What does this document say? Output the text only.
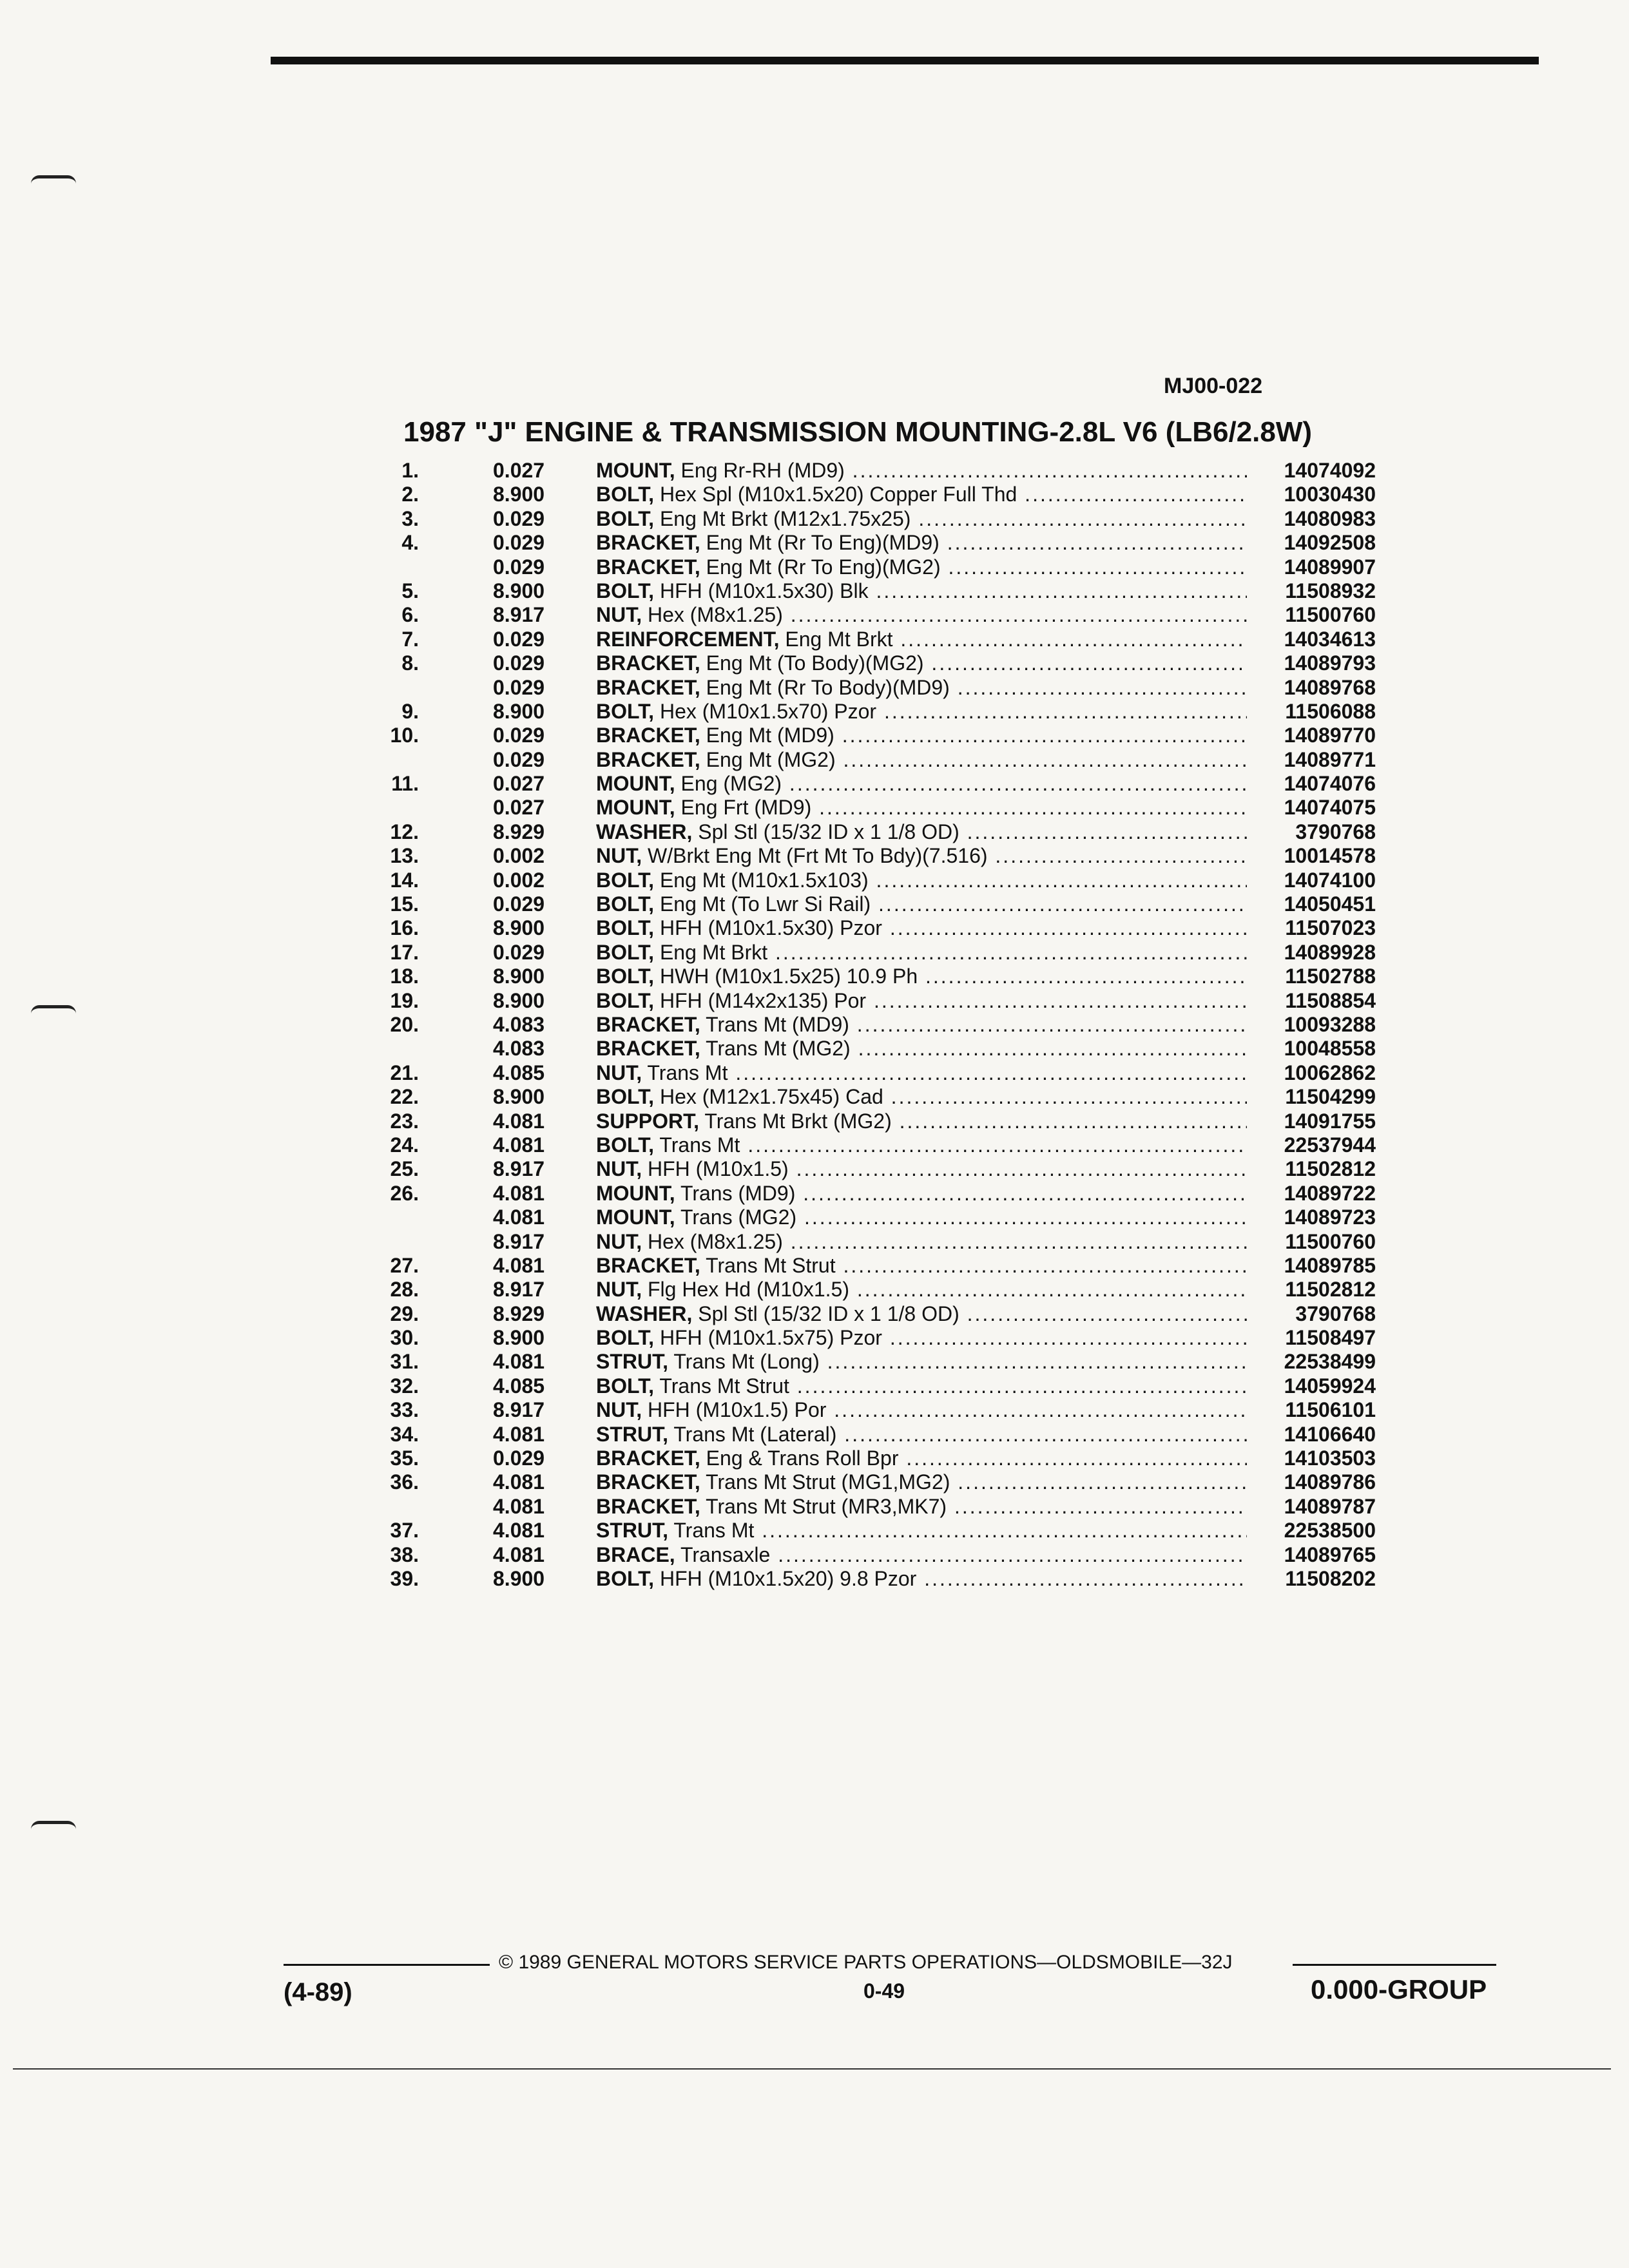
MJ00-022
1987 "J" ENGINE & TRANSMISSION MOUNTING-2.8L V6 (LB6/2.8W)
1.	0.027 MOUNT, Eng Rr-RH (MD9) .....	14074092
2.	8.900 BOLT, Hex Spl (M10x1.5x20) Copper Full Thd .....	10030430
3.	0.029 BOLT, Eng Mt Brkt (M12x1.75x25) .....	14080983
4.	0.029 BRACKET, Eng Mt (Rr To Eng)(MD9) .....	14092508
0.029 BRACKET, Eng Mt (Rr To Eng)(MG2) .....	14089907
5.	8.900 BOLT, HFH (M10x1.5x30) Blk .....	11508932
6.	8.917 NUT, Hex (M8x1.25) .....	11500760
7.	0.029 REINFORCEMENT, Eng Mt Brkt .....	14034613
8.	0.029 BRACKET, Eng Mt (To Body)(MG2) .....	14089793
0.029 BRACKET, Eng Mt (Rr To Body)(MD9) .....	14089768
9.	8.900 BOLT, Hex (M10x1.5x70) Pzor .....	11506088
10.	0.029 BRACKET, Eng Mt (MD9) .....	14089770
0.029 BRACKET, Eng Mt (MG2) .....	14089771
11.	0.027 MOUNT, Eng (MG2) .....	14074076
0.027 MOUNT, Eng Frt (MD9) .....	14074075
12.	8.929 WASHER, Spl Stl (15/32 ID x 1 1/8 OD) .....	3790768
13.	0.002 NUT, W/Brkt Eng Mt (Frt Mt To Bdy)(7.516) .....	10014578
14.	0.002 BOLT, Eng Mt (M10x1.5x103) .....	14074100
15.	0.029 BOLT, Eng Mt (To Lwr Si Rail) .....	14050451
16.	8.900 BOLT, HFH (M10x1.5x30) Pzor .....	11507023
17.	0.029 BOLT, Eng Mt Brkt .....	14089928
18.	8.900 BOLT, HWH (M10x1.5x25) 10.9 Ph .....	11502788
19.	8.900 BOLT, HFH (M14x2x135) Por .....	11508854
20.	4.083 BRACKET, Trans Mt (MD9) .....	10093288
4.083 BRACKET, Trans Mt (MG2) .....	10048558
21.	4.085 NUT, Trans Mt .....	10062862
22.	8.900 BOLT, Hex (M12x1.75x45) Cad .....	11504299
23.	4.081 SUPPORT, Trans Mt Brkt (MG2) .....	14091755
24.	4.081 BOLT, Trans Mt .....	22537944
25.	8.917 NUT, HFH (M10x1.5) .....	11502812
26.	4.081 MOUNT, Trans (MD9) .....	14089722
4.081 MOUNT, Trans (MG2) .....	14089723
8.917 NUT, Hex (M8x1.25) .....	11500760
27.	4.081 BRACKET, Trans Mt Strut .....	14089785
28.	8.917 NUT, Flg Hex Hd (M10x1.5) .....	11502812
29.	8.929 WASHER, Spl Stl (15/32 ID x 1 1/8 OD) .....	3790768
30.	8.900 BOLT, HFH (M10x1.5x75) Pzor .....	11508497
31.	4.081 STRUT, Trans Mt (Long) .....	22538499
32.	4.085 BOLT, Trans Mt Strut .....	14059924
33.	8.917 NUT, HFH (M10x1.5) Por .....	11506101
34.	4.081 STRUT, Trans Mt (Lateral) .....	14106640
35.	0.029 BRACKET, Eng & Trans Roll Bpr .....	14103503
36.	4.081 BRACKET, Trans Mt Strut (MG1,MG2) .....	14089786
4.081 BRACKET, Trans Mt Strut (MR3,MK7) .....	14089787
37.	4.081 STRUT, Trans Mt .....	22538500
38.	4.081 BRACE, Transaxle .....	14089765
39.	8.900 BOLT, HFH (M10x1.5x20) 9.8 Pzor .....	11508202
© 1989 GENERAL MOTORS SERVICE PARTS OPERATIONS—OLDSMOBILE—32J
(4-89)	0-49	0.000-GROUP
